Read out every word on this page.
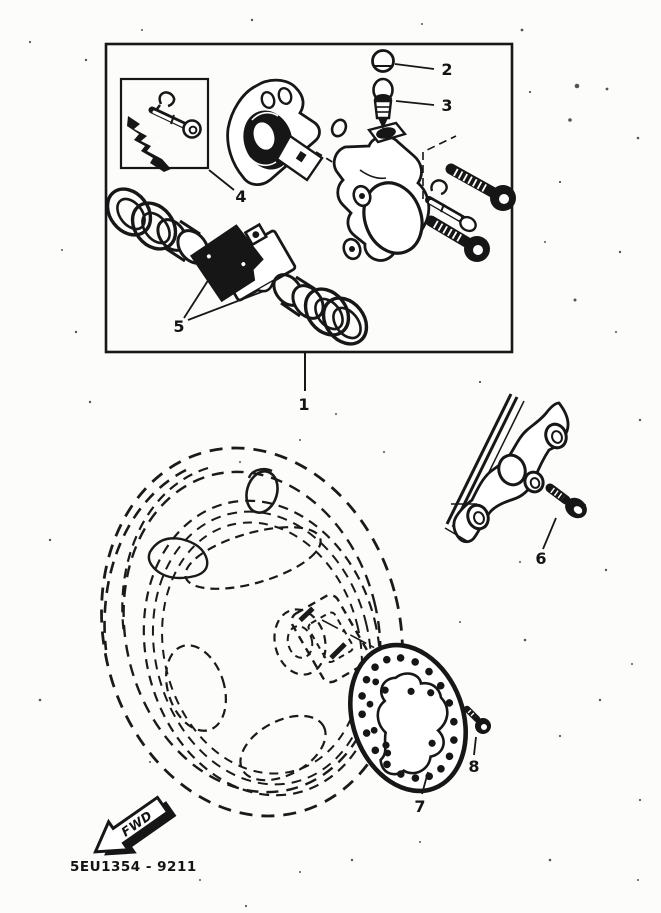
4
5
2
3
1
6
7
8
FWD
5EU1354 - 9211
